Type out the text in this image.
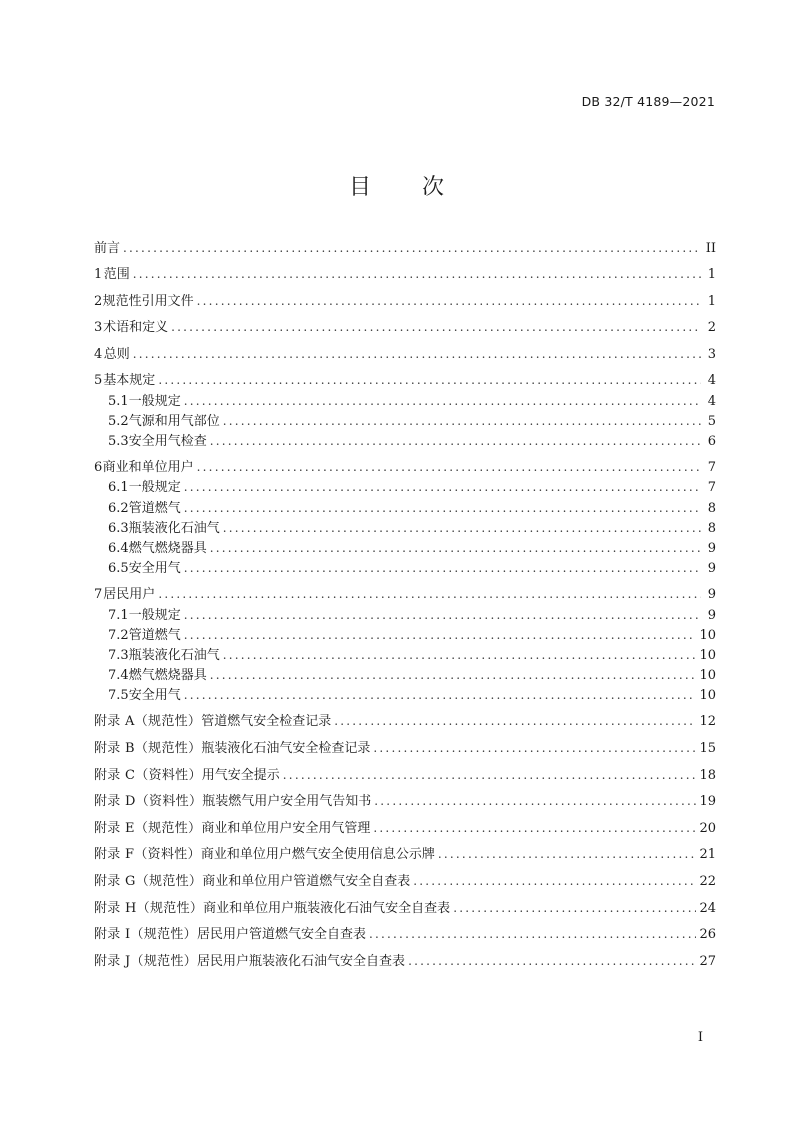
DB 32/T 4189—2021
目 次
前言 .....	II
1 范围 .....	1
2 规范性引用文件 .....	1
3 术语和定义 .....	2
4 总则 .....	3
5 基本规定 .....	4
5.1 一般规定 .....	4
5.2 气源和用气部位 .....	5
5.3 安全用气检查 .....	6
6 商业和单位用户 .....	7
6.1 一般规定 .....	7
6.2 管道燃气 .....	8
6.3 瓶装液化石油气 .....	8
6.4 燃气燃烧器具 .....	9
6.5 安全用气 .....	9
7 居民用户 .....	9
7.1 一般规定 .....	9
7.2 管道燃气 .....	10
7.3 瓶装液化石油气 .....	10
7.4 燃气燃烧器具 .....	10
7.5 安全用气 .....	10
附录 A（规范性） 管道燃气安全检查记录 .....	12
附录 B（规范性） 瓶装液化石油气安全检查记录 .....	15
附录 C（资料性） 用气安全提示 .....	18
附录 D（资料性） 瓶装燃气用户安全用气告知书 .....	19
附录 E（规范性） 商业和单位用户安全用气管理 .....	20
附录 F（资料性） 商业和单位用户燃气安全使用信息公示牌 .....	21
附录 G（规范性） 商业和单位用户管道燃气安全自查表 .....	22
附录 H（规范性） 商业和单位用户瓶装液化石油气安全自查表 .....	24
附录 I（规范性） 居民用户管道燃气安全自查表 .....	26
附录 J（规范性） 居民用户瓶装液化石油气安全自查表 .....	27
I
